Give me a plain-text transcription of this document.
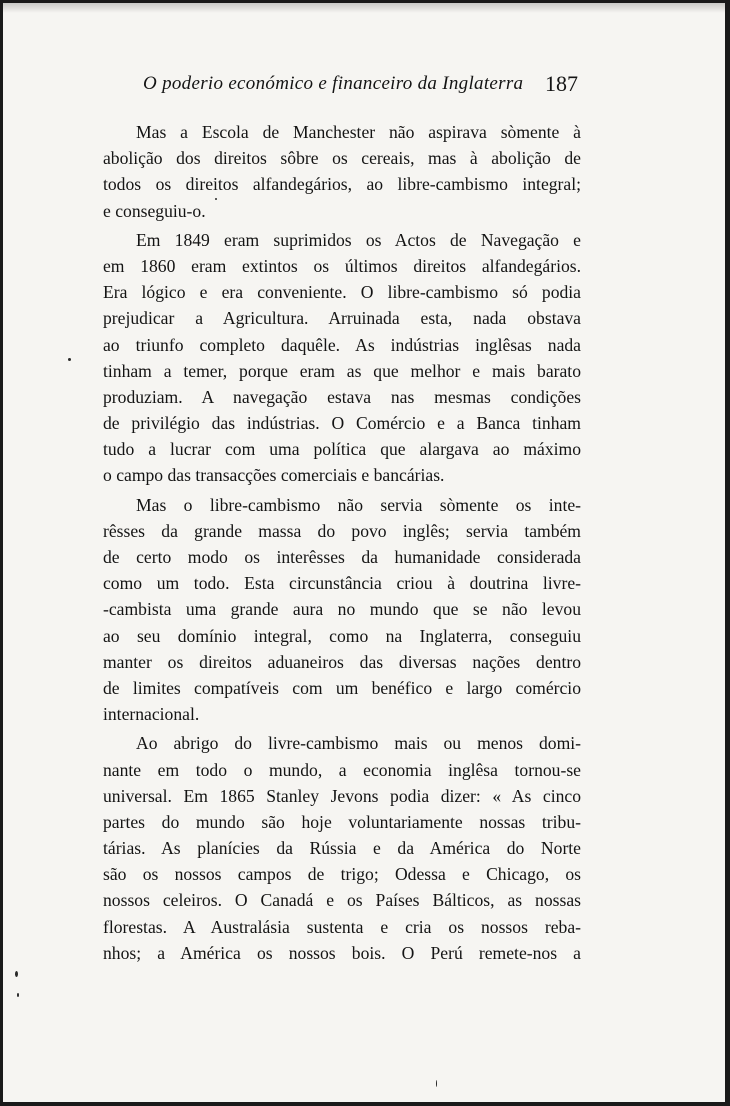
O poderio económico e financeiro da Inglaterra 187
Mas a Escola de Manchester não aspirava sòmente à
abolição dos direitos sôbre os cereais, mas à abolição de
todos os direitos alfandegários, ao libre-cambismo integral;
e conseguiu-o.
Em 1849 eram suprimidos os Actos de Navegação e
em 1860 eram extintos os últimos direitos alfandegários.
Era lógico e era conveniente. O libre-cambismo só podia
prejudicar a Agricultura. Arruinada esta, nada obstava
ao triunfo completo daquêle. As indústrias inglêsas nada
tinham a temer, porque eram as que melhor e mais barato
produziam. A navegação estava nas mesmas condições
de privilégio das indústrias. O Comércio e a Banca tinham
tudo a lucrar com uma política que alargava ao máximo
o campo das transacções comerciais e bancárias.
Mas o libre-cambismo não servia sòmente os inte-
rêsses da grande massa do povo inglês; servia também
de certo modo os interêsses da humanidade considerada
como um todo. Esta circunstância criou à doutrina livre-
-cambista uma grande aura no mundo que se não levou
ao seu domínio integral, como na Inglaterra, conseguiu
manter os direitos aduaneiros das diversas nações dentro
de limites compatíveis com um benéfico e largo comércio
internacional.
Ao abrigo do livre-cambismo mais ou menos domi-
nante em todo o mundo, a economia inglêsa tornou-se
universal. Em 1865 Stanley Jevons podia dizer: « As cinco
partes do mundo são hoje voluntariamente nossas tribu-
tárias. As planícies da Rússia e da América do Norte
são os nossos campos de trigo; Odessa e Chicago, os
nossos celeiros. O Canadá e os Países Bálticos, as nossas
florestas. A Australásia sustenta e cria os nossos reba-
nhos; a América os nossos bois. O Perú remete-nos a
